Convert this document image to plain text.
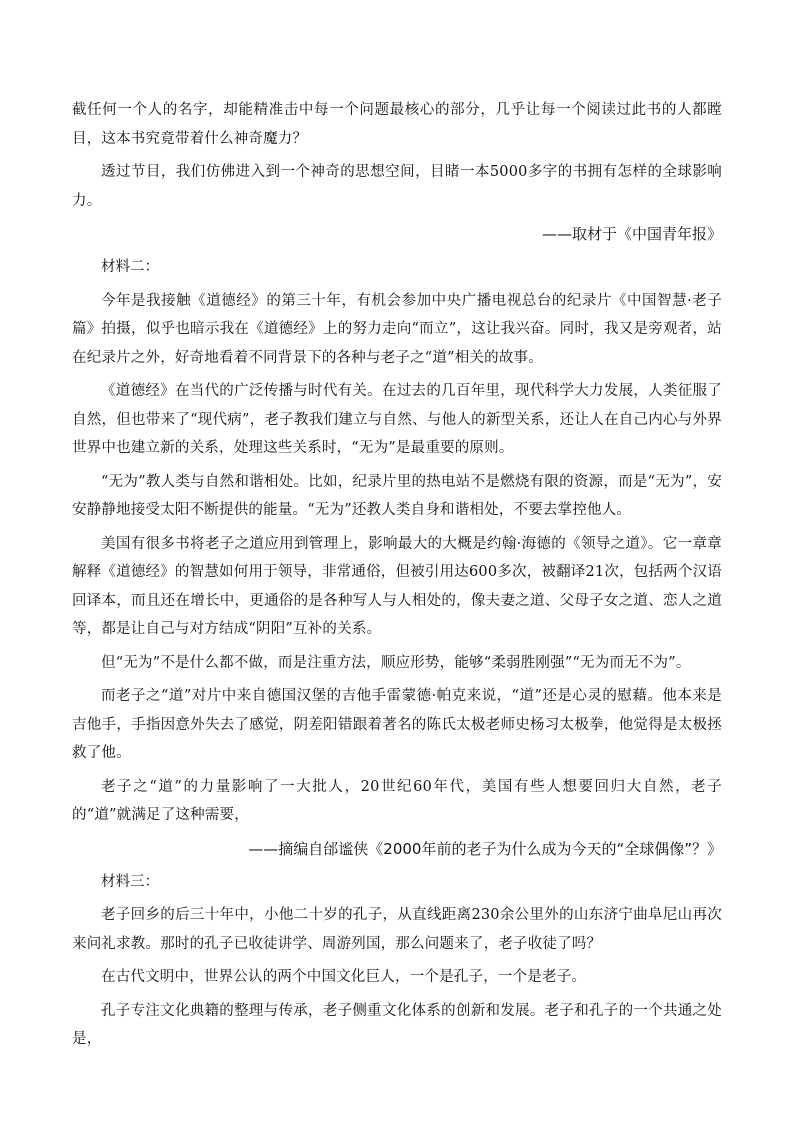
截任何一个人的名字，却能精准击中每一个问题最核心的部分，几乎让每一个阅读过此书的人都瞠目，这本书究竟带着什么神奇魔力？

透过节目，我们仿佛进入到一个神奇的思想空间，目睹一本5000多字的书拥有怎样的全球影响力。

——取材于《中国青年报》

材料二：

今年是我接触《道德经》的第三十年，有机会参加中央广播电视总台的纪录片《中国智慧·老子篇》拍摄，似乎也暗示我在《道德经》上的努力走向“而立”，这让我兴奋。同时，我又是旁观者，站在纪录片之外，好奇地看着不同背景下的各种与老子之“道”相关的故事。

《道德经》在当代的广泛传播与时代有关。在过去的几百年里，现代科学大力发展，人类征服了自然，但也带来了“现代病”，老子教我们建立与自然、与他人的新型关系，还让人在自己内心与外界世界中也建立新的关系，处理这些关系时，“无为”是最重要的原则。

“无为”教人类与自然和谐相处。比如，纪录片里的热电站不是燃烧有限的资源，而是“无为”，安安静静地接受太阳不断提供的能量。“无为”还教人类自身和谐相处，不要去掌控他人。

美国有很多书将老子之道应用到管理上，影响最大的大概是约翰·海德的《领导之道》。它一章章解释《道德经》的智慧如何用于领导，非常通俗，但被引用达600多次，被翻译21次，包括两个汉语回译本，而且还在增长中，更通俗的是各种写人与人相处的，像夫妻之道、父母子女之道、恋人之道等，都是让自己与对方结成“阴阳”互补的关系。

但“无为”不是什么都不做，而是注重方法，顺应形势，能够“柔弱胜刚强”“无为而无不为”。

而老子之“道”对片中来自德国汉堡的吉他手雷蒙德·帕克来说，“道”还是心灵的慰藉。他本来是吉他手，手指因意外失去了感觉，阴差阳错跟着著名的陈氏太极老师史杨习太极拳，他觉得是太极拯救了他。

老子之“道”的力量影响了一大批人，20世纪60年代，美国有些人想要回归大自然，老子的“道”就满足了这种需要，

——摘编自邰谧侠《2000年前的老子为什么成为今天的“全球偶像”？》

材料三：

老子回乡的后三十年中，小他二十岁的孔子，从直线距离230余公里外的山东济宁曲阜尼山再次来问礼求教。那时的孔子已收徒讲学、周游列国，那么问题来了，老子收徒了吗？

在古代文明中，世界公认的两个中国文化巨人，一个是孔子，一个是老子。

孔子专注文化典籍的整理与传承，老子侧重文化体系的创新和发展。老子和孔子的一个共通之处是，
